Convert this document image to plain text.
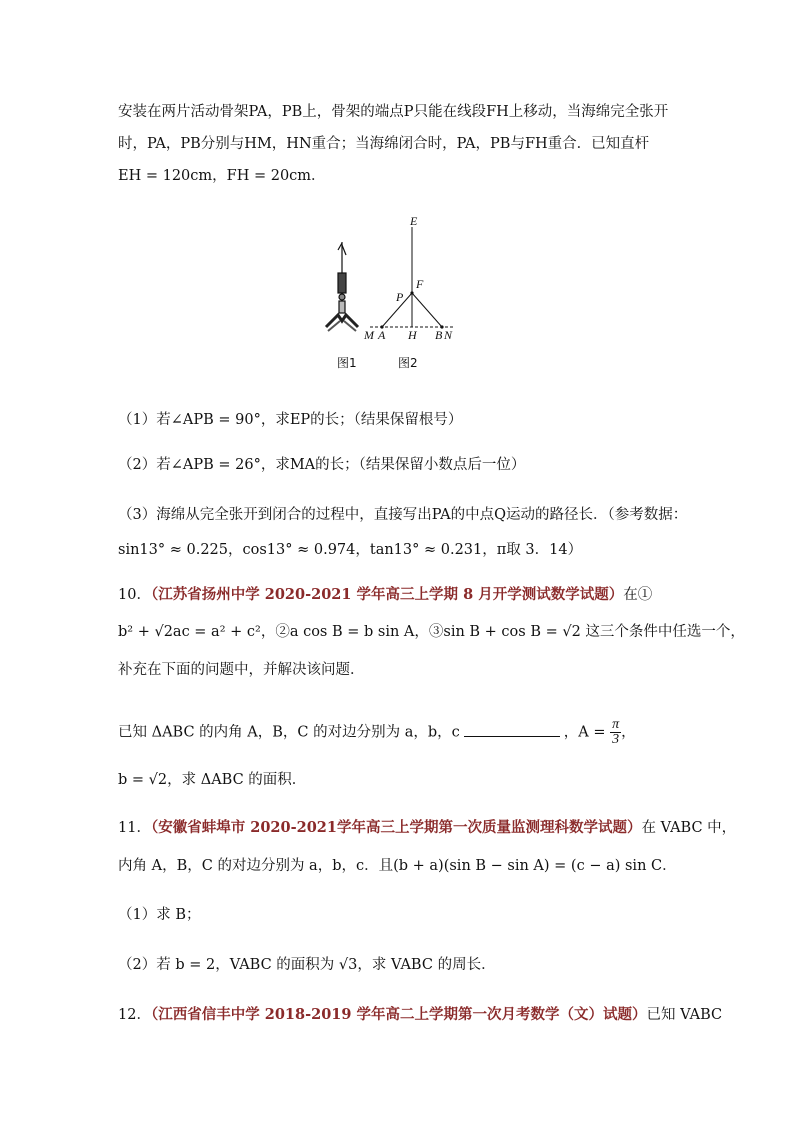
安装在两片活动骨架PA，PB上，骨架的端点P只能在线段FH上移动，当海绵完全张开
时，PA，PB分别与HM，HN重合；当海绵闭合时，PA，PB与FH重合．已知直杆
EH = 120cm，FH = 20cm．
E
F
P
M A H B N
图1	图2
（1）若∠APB = 90°，求EP的长；（结果保留根号）
（2）若∠APB = 26°，求MA的长；（结果保留小数点后一位）
（3）海绵从完全张开到闭合的过程中，直接写出PA的中点Q运动的路径长．（参考数据：
sin13° ≈ 0.225，cos13° ≈ 0.974，tan13° ≈ 0.231，π取 3．14）
10．（江苏省扬州中学 2020-2021 学年高三上学期 8 月开学测试数学试题）在①
b² + √2ac = a² + c²，②a cos B = b sin A，③sin B + cos B = √2 这三个条件中任选一个，
补充在下面的问题中，并解决该问题．
已知 ΔABC 的内角 A，B，C 的对边分别为 a，b，c	，$A = \frac{\pi}{3}$ ，
b = √2，求 ΔABC 的面积．
11．（安徽省蚌埠市 2020-2021学年高三上学期第一次质量监测理科数学试题）在 VABC 中，
内角 A，B，C 的对边分别为 a，b，c．且(b + a)(sin B − sin A) = (c − a) sin C．
（1）求 B；
（2）若 b = 2，VABC 的面积为 √3，求 VABC 的周长．
12．（江西省信丰中学 2018-2019 学年高二上学期第一次月考数学（文）试题）已知 VABC
